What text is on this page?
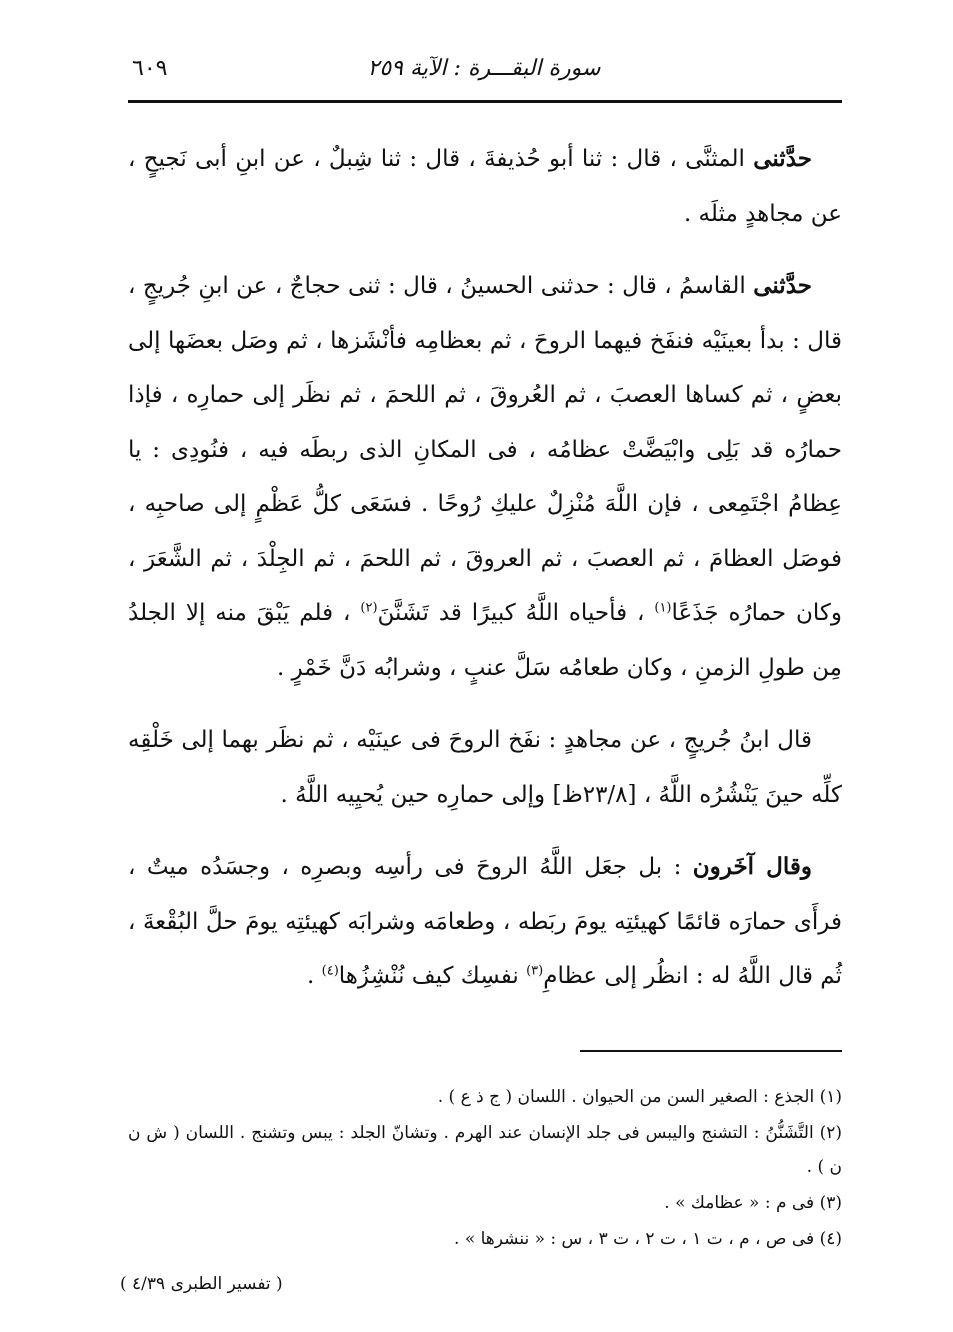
سورة البقـــرة : الآية ٢٥٩
٦٠٩

حدَّثنى المثنَّى ، قال : ثنا أبو حُذيفةَ ، قال : ثنا شِبلٌ ، عن ابنِ أبى نَجيحٍ ، عن مجاهدٍ مثلَه .

حدَّثنى القاسمُ ، قال : حدثنى الحسينُ ، قال : ثنى حجاجٌ ، عن ابنِ جُريجٍ ، قال : بدأ بعينَيْه فنفَخ فيهما الروحَ ، ثم بعظامِه فأنْشَزها ، ثم وصَل بعضَها إلى بعضٍ ، ثم كساها العصبَ ، ثم العُروقَ ، ثم اللحمَ ، ثم نظَر إلى حمارِه ، فإذا حمارُه قد بَلِى وابْيَضَّتْ عظامُه ، فى المكانِ الذى ربطَه فيه ، فنُودِى : يا عِظامُ اجْتَمِعى ، فإن اللَّهَ مُنْزِلٌ عليكِ رُوحًا . فسَعَى كلُّ عَظْمٍ إلى صاحبِه ، فوصَل العظامَ ، ثم العصبَ ، ثم العروقَ ، ثم اللحمَ ، ثم الجِلْدَ ، ثم الشَّعَرَ ، وكان حمارُه جَذَعًا$^{(١)}$ ، فأحياه اللَّهُ كبيرًا قد تَشَنَّنَ$^{(٢)}$ ، فلم يَبْقَ منه إلا الجلدُ مِن طولِ الزمنِ ، وكان طعامُه سَلَّ عنبٍ ، وشرابُه دَنَّ خَمْرٍ .

قال ابنُ جُريجٍ ، عن مجاهدٍ : نفَخ الروحَ فى عينَيْه ، ثم نظَر بهما إلى خَلْقِه كلِّه حينَ يَنْشُرُه اللَّهُ ، [٢٣/٨ظ] وإلى حمارِه حين يُحيِيه اللَّهُ .

وقال آخَرون : بل جعَل اللَّهُ الروحَ فى رأسِه وبصرِه ، وجسَدُه ميتٌ ، فرأَى حمارَه قائمًا كهيئتِه يومَ ربَطه ، وطعامَه وشرابَه كهيئتِه يومَ حلَّ البُقْعةَ ، ثُم قال اللَّهُ له : انظُر إلى عظامِ$^{(٣)}$ نفسِك كيف نُنْشِزُها$^{(٤)}$ .

(١) الجذع : الصغير السن من الحيوان . اللسان ( ج ذ ع ) .
(٢) التَّشَنُّنُ : التشنج واليبس فى جلد الإنسان عند الهرم . وتشانّ الجلد : يبس وتشنج . اللسان ( ش ن ن ) .
(٣) فى م : « عظامك » .
(٤) فى ص ، م ، ت ١ ، ت ٢ ، ت ٣ ، س : « ننشرها » .
( تفسير الطبرى ٤/٣٩ )
